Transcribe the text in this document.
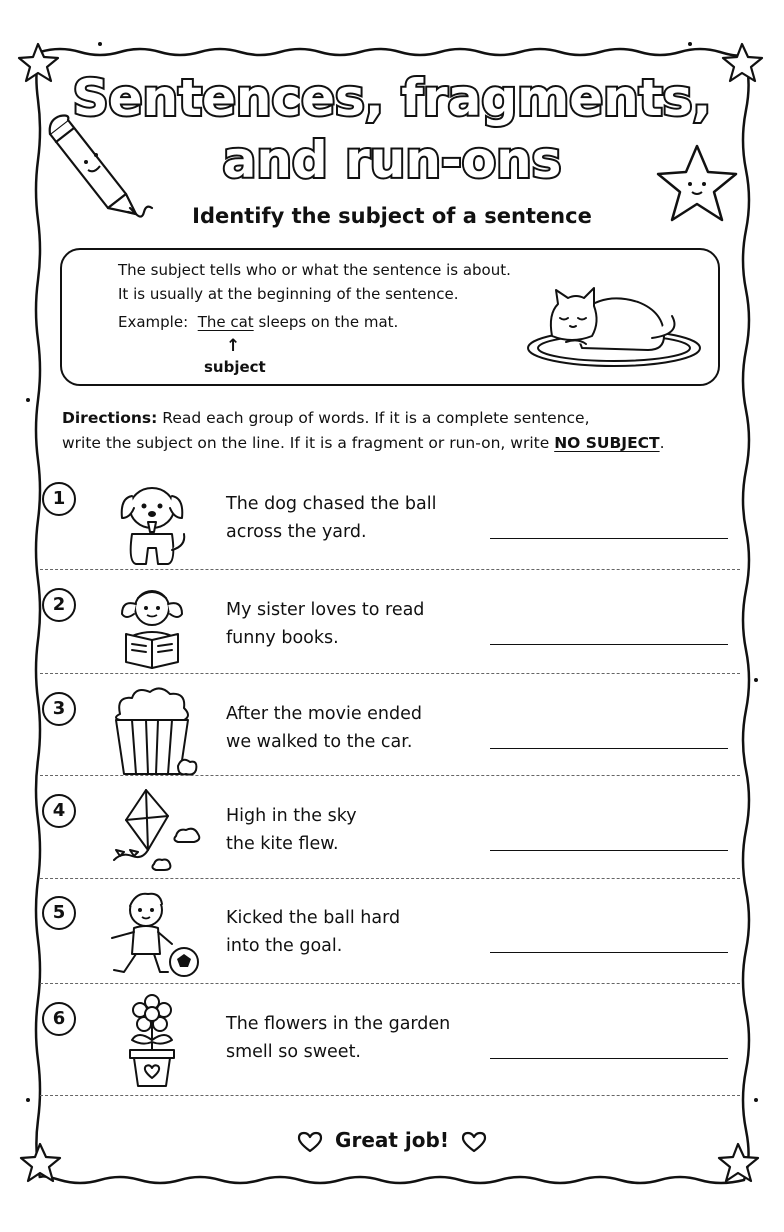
Sentences, fragments,
and run-ons
Identify the subject of a sentence
The subject tells who or what the sentence is about.
It is usually at the beginning of the sentence.
Example: The cat sleeps on the mat.
↑
subject
Directions: Read each group of words. If it is a complete sentence,
write the subject on the line. If it is a fragment or run-on, write NO SUBJECT.
1	The dog chased the ball
across the yard.
2	My sister loves to read
funny books.
3	After the movie ended
we walked to the car.
4	High in the sky
the kite flew.
5	Kicked the ball hard
into the goal.
6	The flowers in the garden
smell so sweet.
Great job!
